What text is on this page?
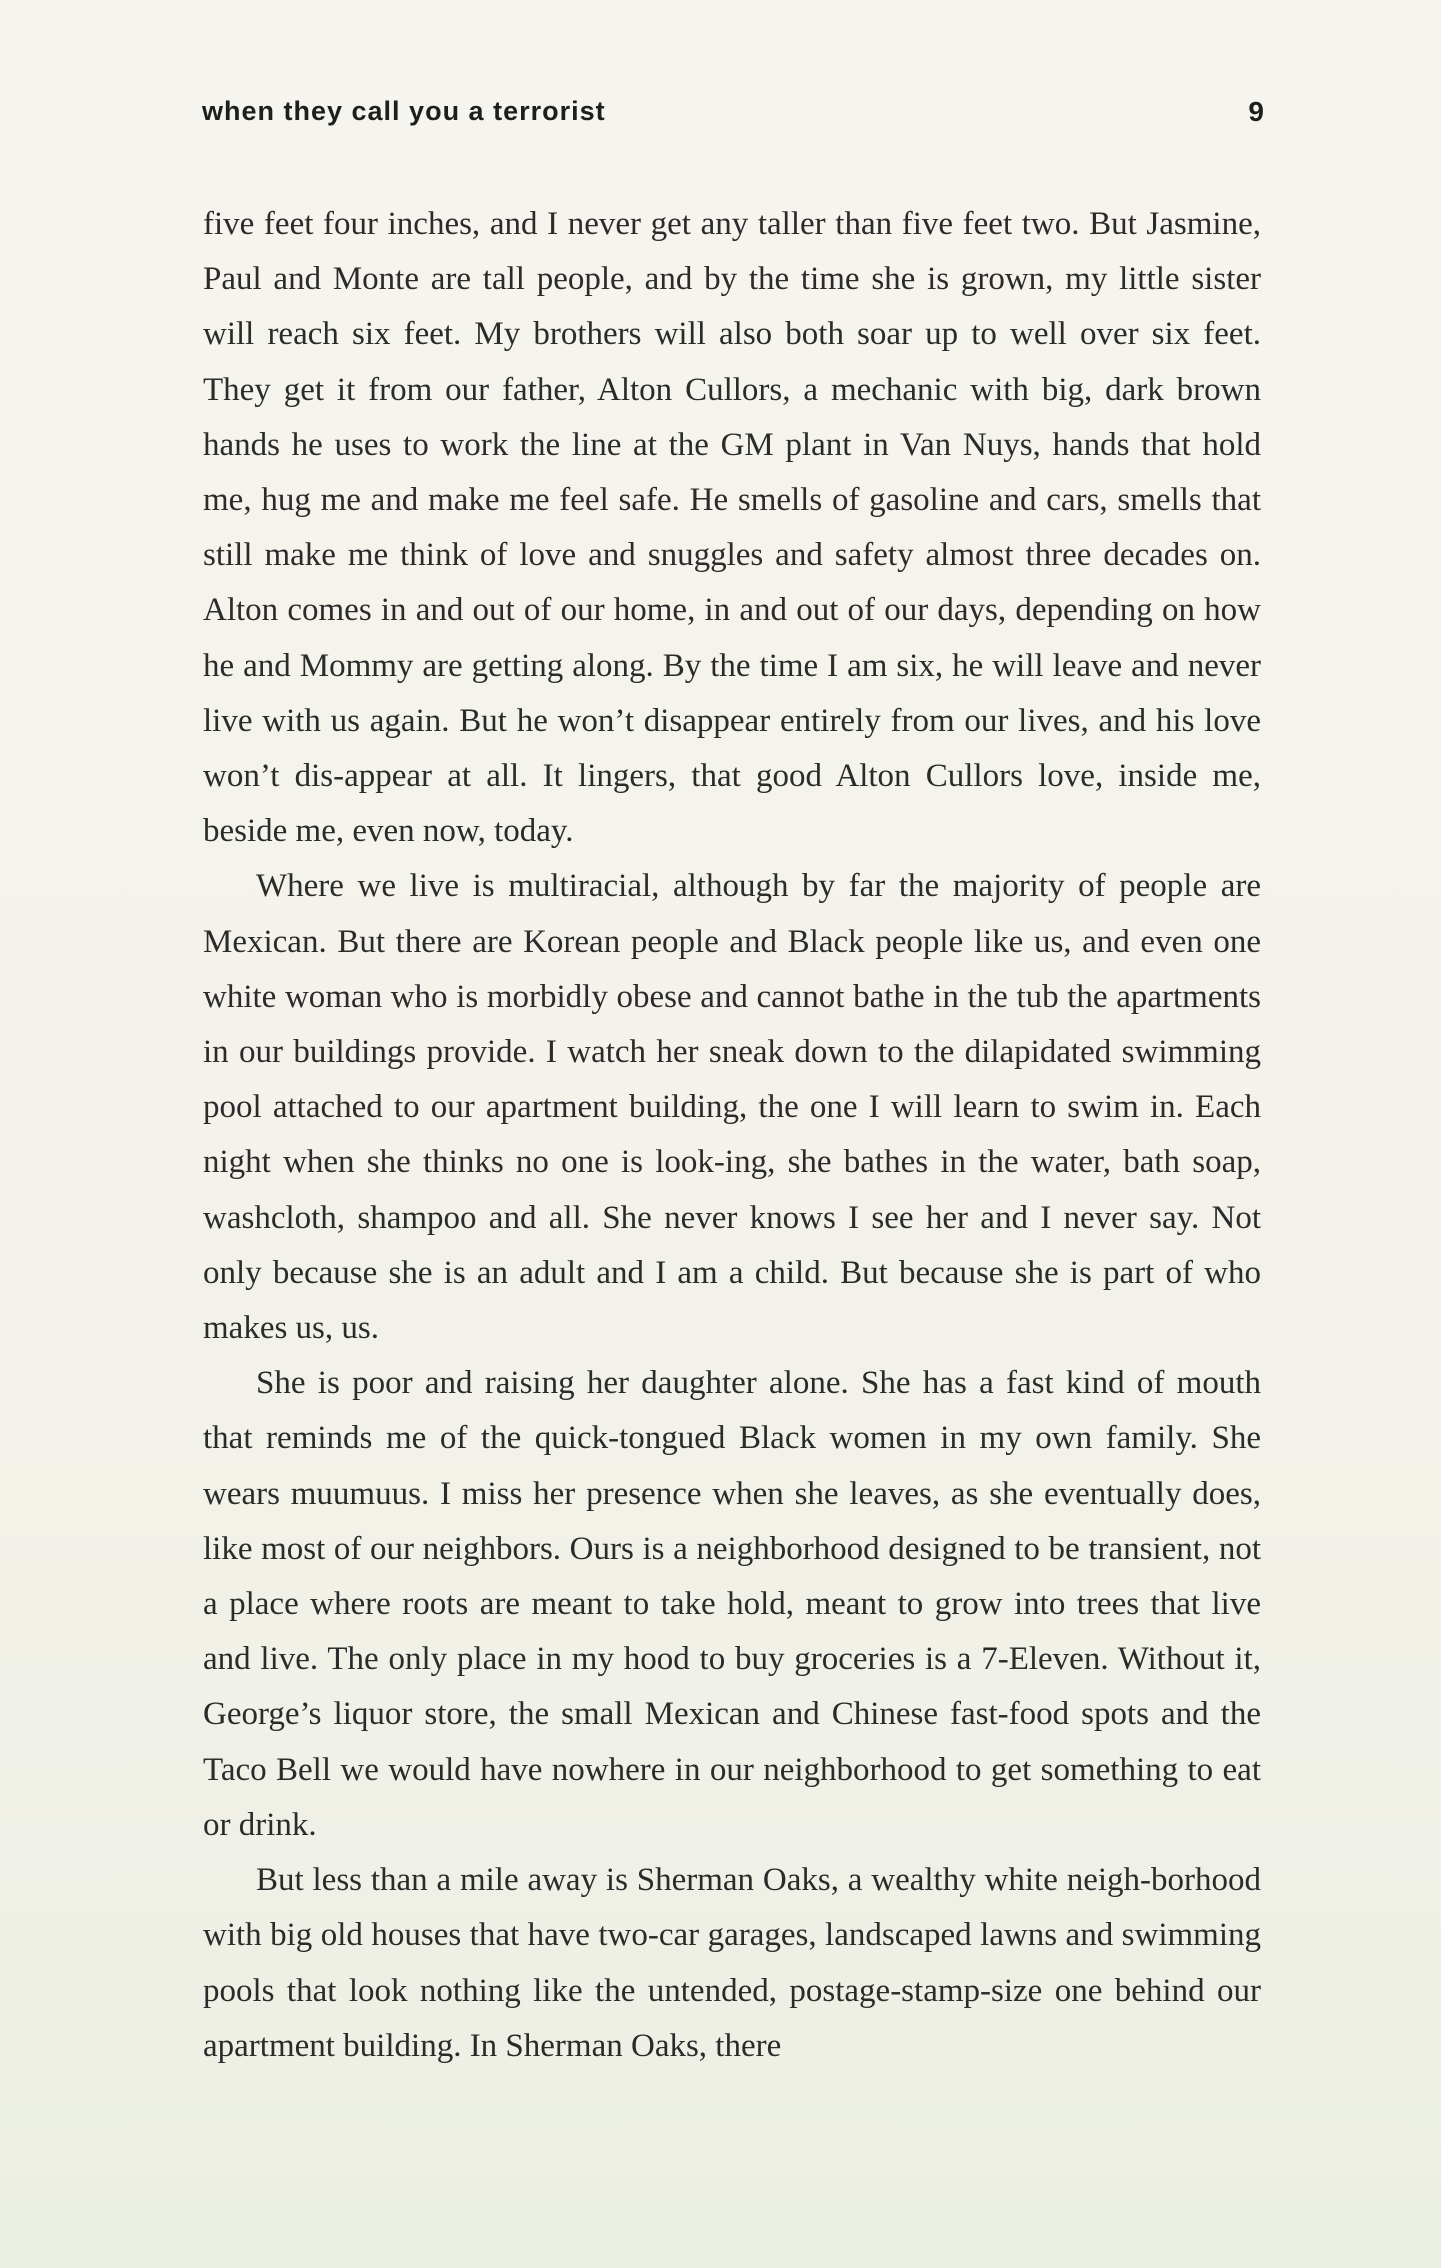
when they call you a terrorist	9

five feet four inches, and I never get any taller than five feet two. But Jasmine, Paul and Monte are tall people, and by the time she is grown, my little sister will reach six feet. My brothers will also both soar up to well over six feet. They get it from our father, Alton Cullors, a mechanic with big, dark brown hands he uses to work the line at the GM plant in Van Nuys, hands that hold me, hug me and make me feel safe. He smells of gasoline and cars, smells that still make me think of love and snuggles and safety almost three decades on. Alton comes in and out of our home, in and out of our days, depending on how he and Mommy are getting along. By the time I am six, he will leave and never live with us again. But he won’t disappear entirely from our lives, and his love won’t dis-appear at all. It lingers, that good Alton Cullors love, inside me, beside me, even now, today.

Where we live is multiracial, although by far the majority of people are Mexican. But there are Korean people and Black people like us, and even one white woman who is morbidly obese and cannot bathe in the tub the apartments in our buildings provide. I watch her sneak down to the dilapidated swimming pool attached to our apartment building, the one I will learn to swim in. Each night when she thinks no one is look-ing, she bathes in the water, bath soap, washcloth, shampoo and all. She never knows I see her and I never say. Not only because she is an adult and I am a child. But because she is part of who makes us, us.

She is poor and raising her daughter alone. She has a fast kind of mouth that reminds me of the quick-tongued Black women in my own family. She wears muumuus. I miss her presence when she leaves, as she eventually does, like most of our neighbors. Ours is a neighborhood designed to be transient, not a place where roots are meant to take hold, meant to grow into trees that live and live. The only place in my hood to buy groceries is a 7-Eleven. Without it, George’s liquor store, the small Mexican and Chinese fast-food spots and the Taco Bell we would have nowhere in our neighborhood to get something to eat or drink.

But less than a mile away is Sherman Oaks, a wealthy white neigh-borhood with big old houses that have two-car garages, landscaped lawns and swimming pools that look nothing like the untended, postage-stamp-size one behind our apartment building. In Sherman Oaks, there
